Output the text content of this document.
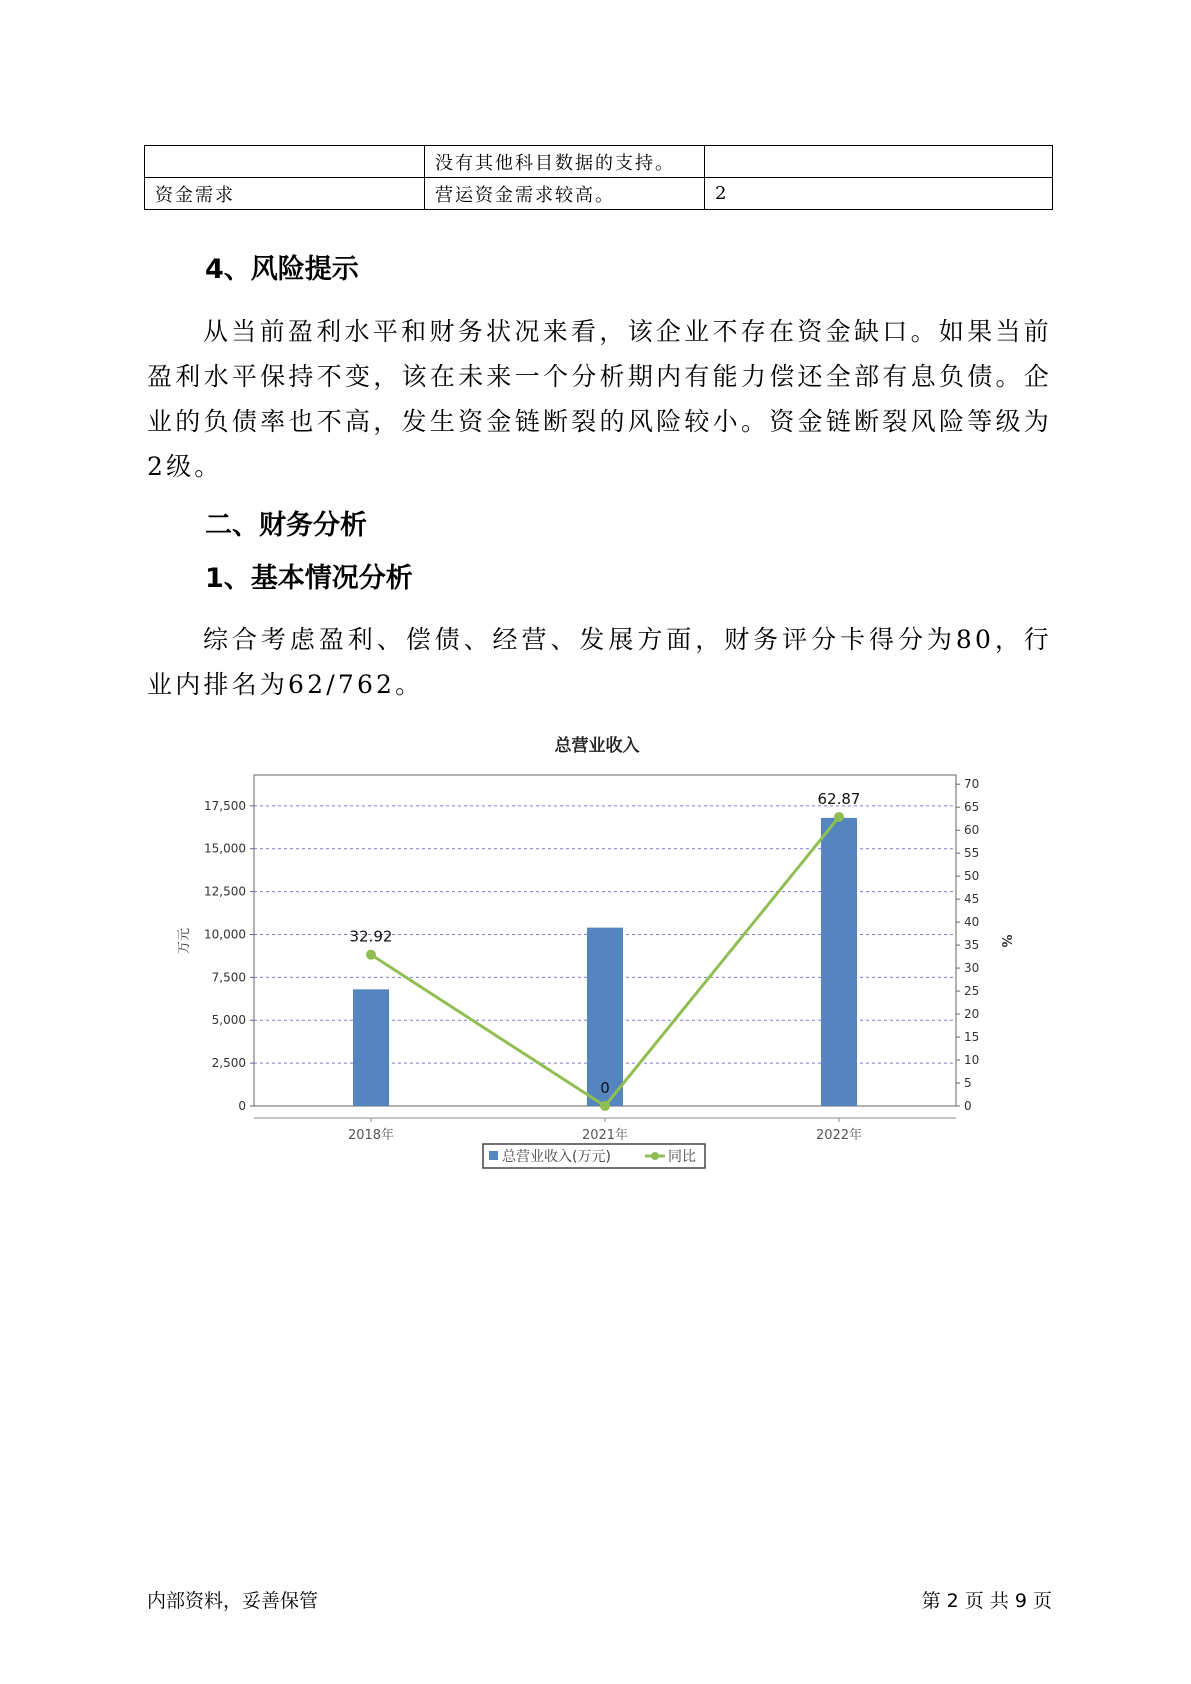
	没有其他科目数据的支持。	
资金需求	营运资金需求较高。	2
4、风险提示

从当前盈利水平和财务状况来看，该企业不存在资金缺口。如果当前盈利水平保持不变，该在未来一个分析期内有能力偿还全部有息负债。企业的负债率也不高，发生资金链断裂的风险较小。资金链断裂风险等级为2级。

二、财务分析
1、基本情况分析

综合考虑盈利、偿债、经营、发展方面，财务评分卡得分为80，行业内排名为62/762。

总营业收入
0
2,500
5,000
7,500
10,000
12,500
15,000
17,500
0
5
10
15
20
25
30
35
40
45
50
55
60
65
70
万元	%
2018年	2021年	2022年
32.92
0
62.87
总营业收入(万元)	同比
内部资料，妥善保管	第 2 页 共 9 页
